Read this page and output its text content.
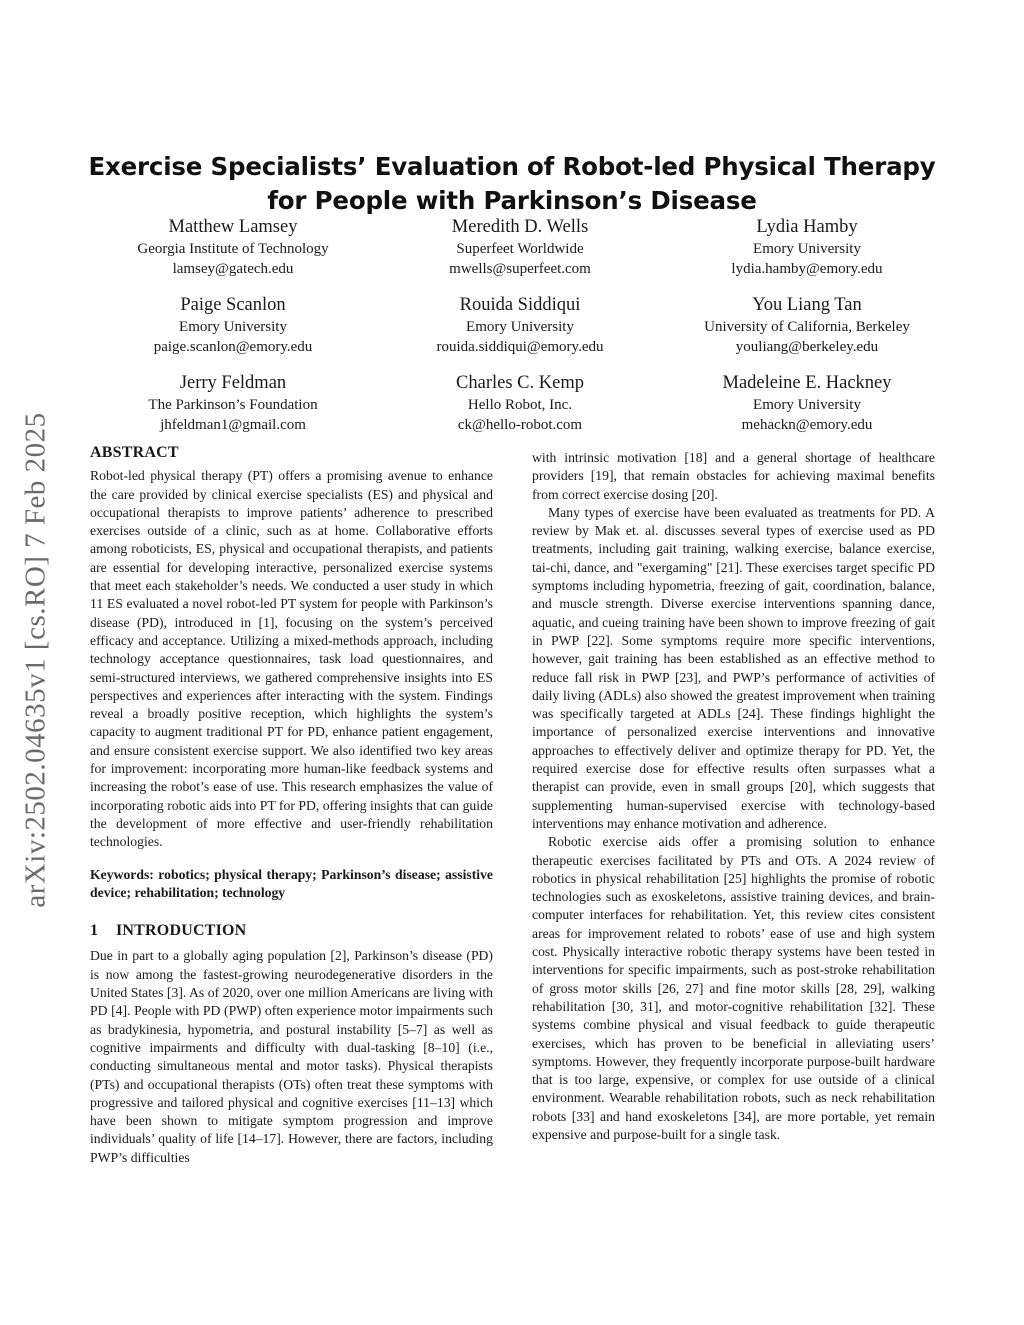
arXiv:2502.04635v1 [cs.RO] 7 Feb 2025
Exercise Specialists’ Evaluation of Robot-led Physical Therapy for People with Parkinson’s Disease
Matthew Lamsey
Georgia Institute of Technology
lamsey@gatech.edu
Meredith D. Wells
Superfeet Worldwide
mwells@superfeet.com
Lydia Hamby
Emory University
lydia.hamby@emory.edu
Paige Scanlon
Emory University
paige.scanlon@emory.edu
Rouida Siddiqui
Emory University
rouida.siddiqui@emory.edu
You Liang Tan
University of California, Berkeley
youliang@berkeley.edu
Jerry Feldman
The Parkinson’s Foundation
jhfeldman1@gmail.com
Charles C. Kemp
Hello Robot, Inc.
ck@hello-robot.com
Madeleine E. Hackney
Emory University
mehackn@emory.edu
ABSTRACT

Robot-led physical therapy (PT) offers a promising avenue to enhance the care provided by clinical exercise specialists (ES) and physical and occupational therapists to improve patients’ adherence to prescribed exercises outside of a clinic, such as at home. Collaborative efforts among roboticists, ES, physical and occupational therapists, and patients are essential for developing interactive, personalized exercise systems that meet each stakeholder’s needs. We conducted a user study in which 11 ES evaluated a novel robot-led PT system for people with Parkinson’s disease (PD), introduced in [1], focusing on the system’s perceived efficacy and acceptance. Utilizing a mixed-methods approach, including technology acceptance questionnaires, task load questionnaires, and semi-structured interviews, we gathered comprehensive insights into ES perspectives and experiences after interacting with the system. Findings reveal a broadly positive reception, which highlights the system’s capacity to augment traditional PT for PD, enhance patient engagement, and ensure consistent exercise support. We also identified two key areas for improvement: incorporating more human-like feedback systems and increasing the robot’s ease of use. This research emphasizes the value of incorporating robotic aids into PT for PD, offering insights that can guide the development of more effective and user-friendly rehabilitation technologies.

Keywords: robotics; physical therapy; Parkinson’s disease; assistive device; rehabilitation; technology

1 INTRODUCTION

Due in part to a globally aging population [2], Parkinson’s disease (PD) is now among the fastest-growing neurodegenerative disorders in the United States [3]. As of 2020, over one million Americans are living with PD [4]. People with PD (PWP) often experience motor impairments such as bradykinesia, hypometria, and postural instability [5–7] as well as cognitive impairments and difficulty with dual-tasking [8–10] (i.e., conducting simultaneous mental and motor tasks). Physical therapists (PTs) and occupational therapists (OTs) often treat these symptoms with progressive and tailored physical and cognitive exercises [11–13] which have been shown to mitigate symptom progression and improve individuals’ quality of life [14–17]. However, there are factors, including PWP’s difficulties

with intrinsic motivation [18] and a general shortage of healthcare providers [19], that remain obstacles for achieving maximal benefits from correct exercise dosing [20].

Many types of exercise have been evaluated as treatments for PD. A review by Mak et. al. discusses several types of exercise used as PD treatments, including gait training, walking exercise, balance exercise, tai-chi, dance, and "exergaming" [21]. These exercises target specific PD symptoms including hypometria, freezing of gait, coordination, balance, and muscle strength. Diverse exercise interventions spanning dance, aquatic, and cueing training have been shown to improve freezing of gait in PWP [22]. Some symptoms require more specific interventions, however, gait training has been established as an effective method to reduce fall risk in PWP [23], and PWP’s performance of activities of daily living (ADLs) also showed the greatest improvement when training was specifically targeted at ADLs [24]. These findings highlight the importance of personalized exercise interventions and innovative approaches to effectively deliver and optimize therapy for PD. Yet, the required exercise dose for effective results often surpasses what a therapist can provide, even in small groups [20], which suggests that supplementing human-supervised exercise with technology-based interventions may enhance motivation and adherence.

Robotic exercise aids offer a promising solution to enhance therapeutic exercises facilitated by PTs and OTs. A 2024 review of robotics in physical rehabilitation [25] highlights the promise of robotic technologies such as exoskeletons, assistive training devices, and brain-computer interfaces for rehabilitation. Yet, this review cites consistent areas for improvement related to robots’ ease of use and high system cost. Physically interactive robotic therapy systems have been tested in interventions for specific impairments, such as post-stroke rehabilitation of gross motor skills [26, 27] and fine motor skills [28, 29], walking rehabilitation [30, 31], and motor-cognitive rehabilitation [32]. These systems combine physical and visual feedback to guide therapeutic exercises, which has proven to be beneficial in alleviating users’ symptoms. However, they frequently incorporate purpose-built hardware that is too large, expensive, or complex for use outside of a clinical environment. Wearable rehabilitation robots, such as neck rehabilitation robots [33] and hand exoskeletons [34], are more portable, yet remain expensive and purpose-built for a single task.
